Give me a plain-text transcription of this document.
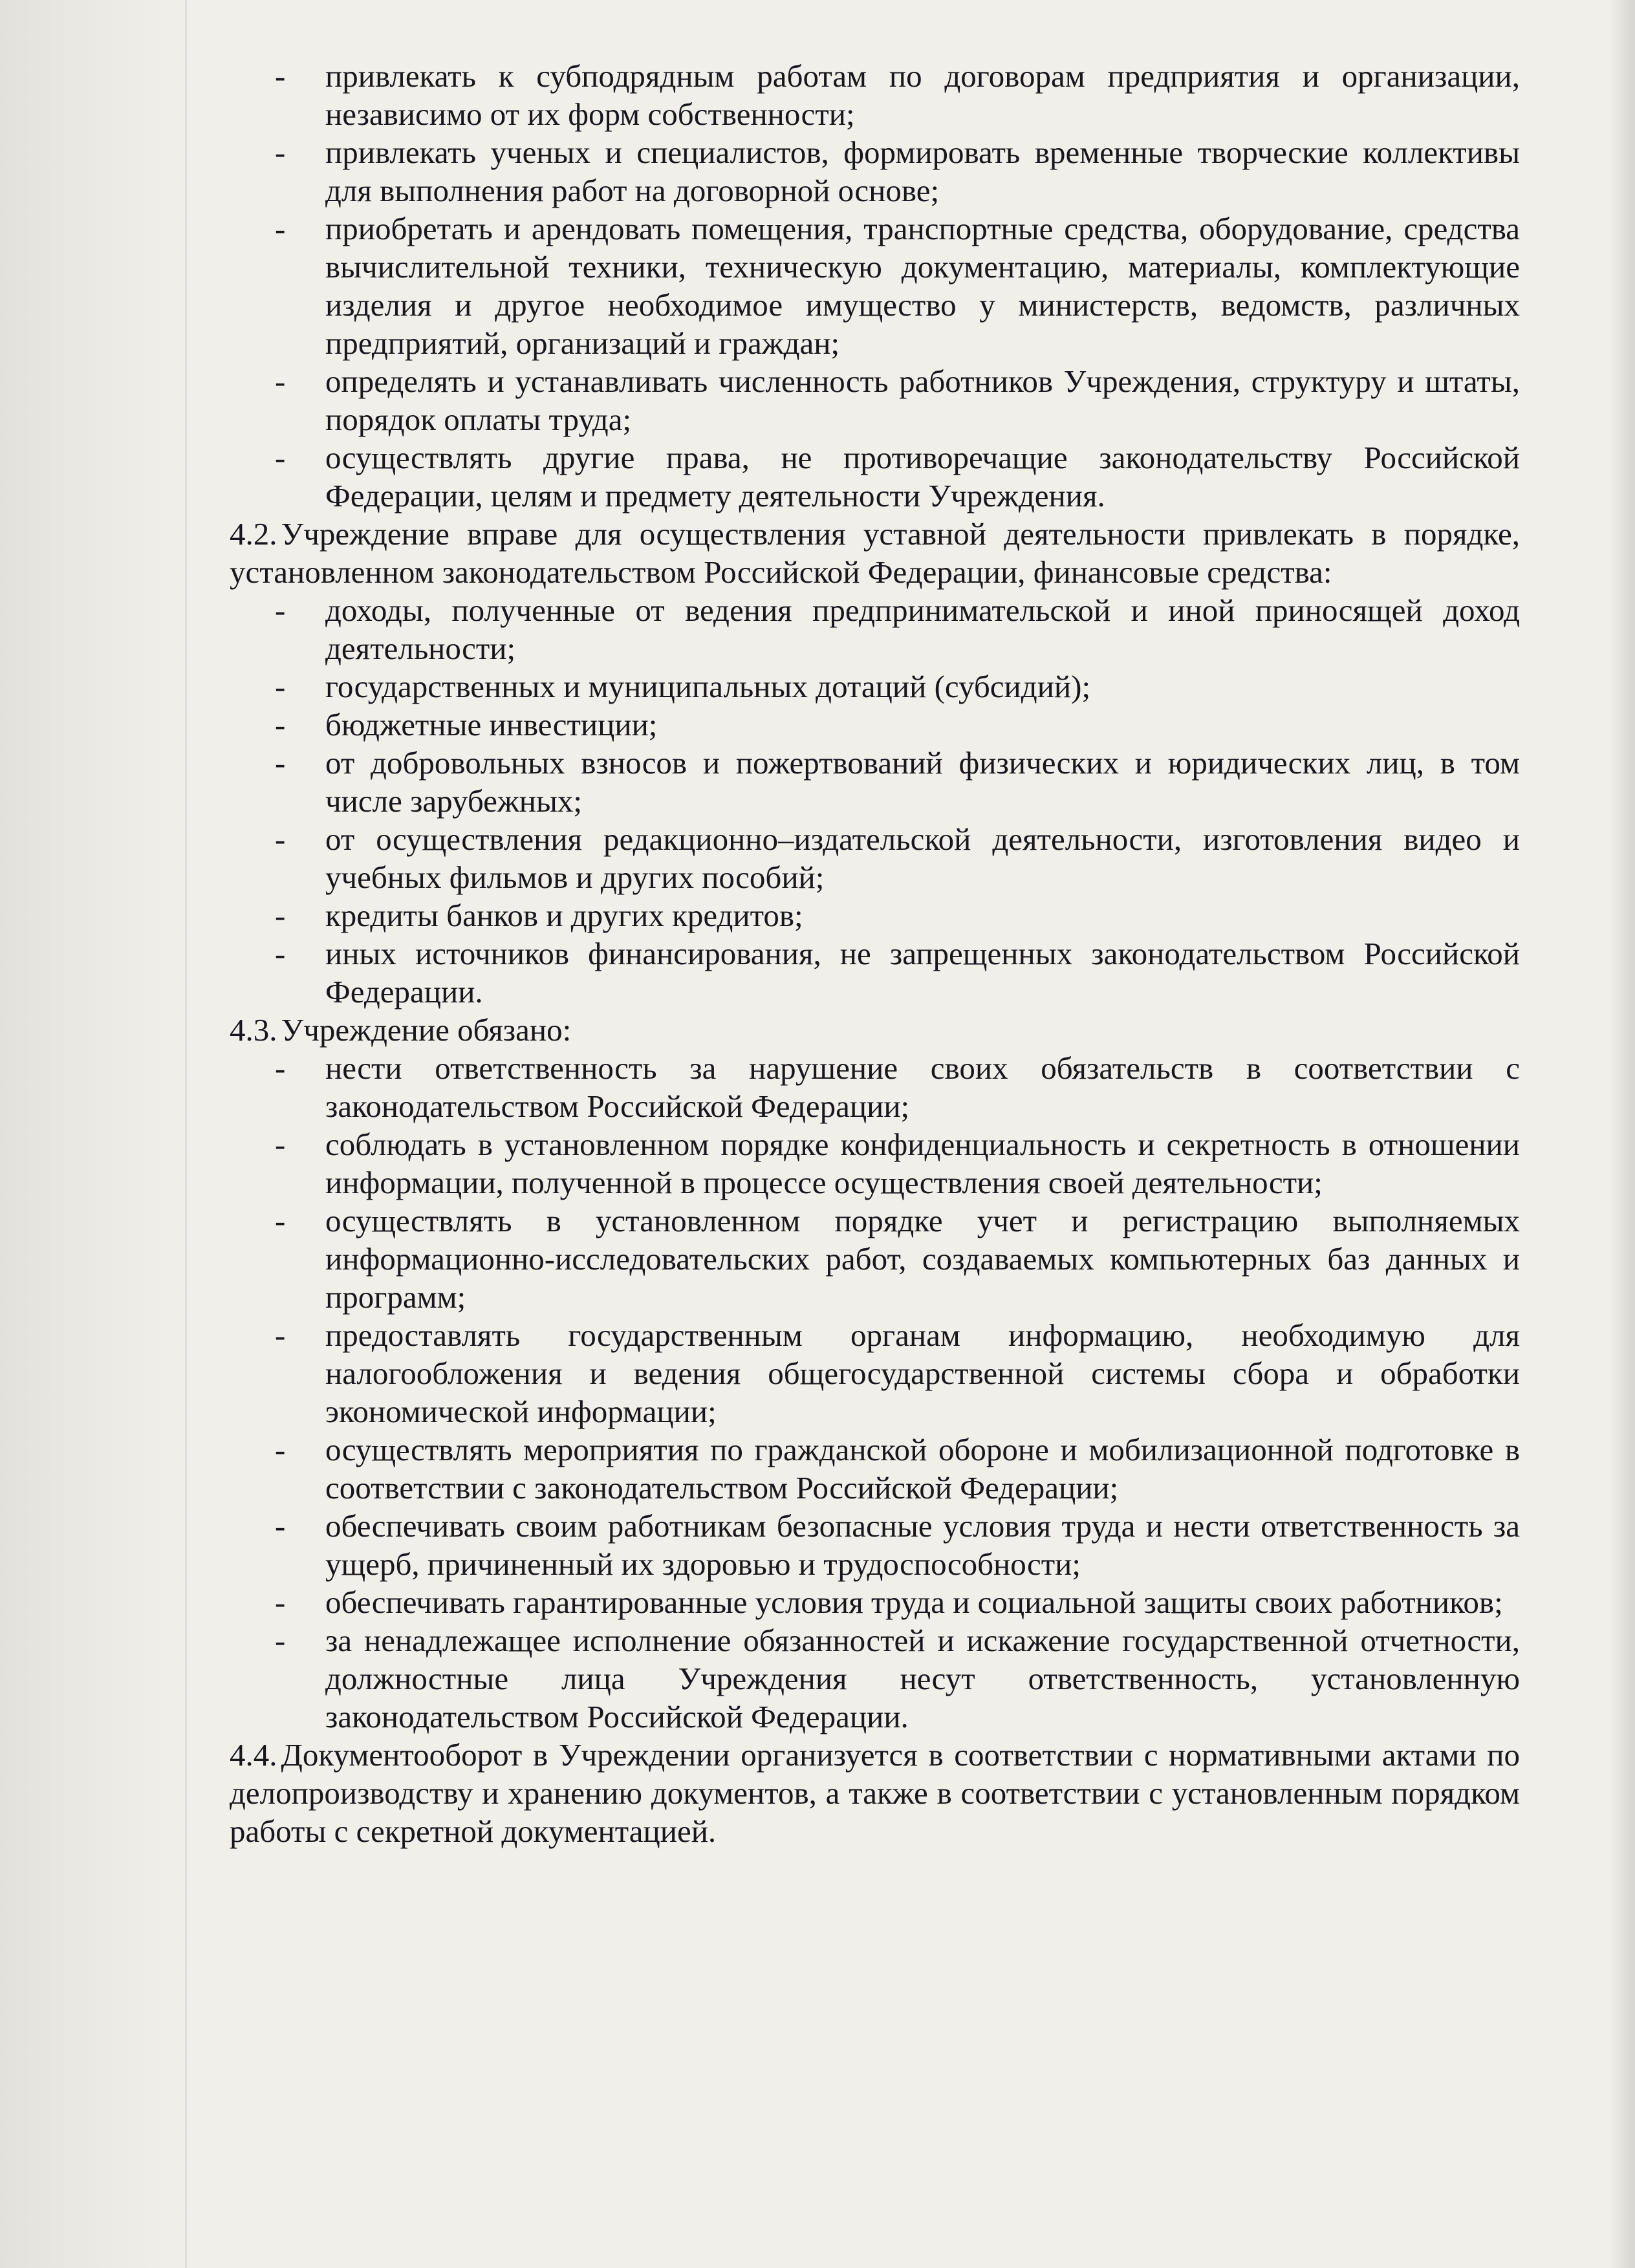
- привлекать к субподрядным работам по договорам предприятия и организации, независимо от их форм собственности;
- привлекать ученых и специалистов, формировать временные творческие коллективы для выполнения работ на договорной основе;
- приобретать и арендовать помещения, транспортные средства, оборудование, средства вычислительной техники, техническую документацию, материалы, комплектующие изделия и другое необходимое имущество у министерств, ведомств, различных предприятий, организаций и граждан;
- определять и устанавливать численность работников Учреждения, структуру и штаты, порядок оплаты труда;
- осуществлять другие права, не противоречащие законодательству Российской Федерации, целям и предмету деятельности Учреждения.

4.2. Учреждение вправе для осуществления уставной деятельности привлекать в порядке, установленном законодательством Российской Федерации, финансовые средства:

- доходы, полученные от ведения предпринимательской и иной приносящей доход деятельности;
- государственных и муниципальных дотаций (субсидий);
- бюджетные инвестиции;
- от добровольных взносов и пожертвований физических и юридических лиц, в том числе зарубежных;
- от осуществления редакционно–издательской деятельности, изготовления видео и учебных фильмов и других пособий;
- кредиты банков и других кредитов;
- иных источников финансирования, не запрещенных законодательством Российской Федерации.

4.3. Учреждение обязано:

- нести ответственность за нарушение своих обязательств в соответствии с законодательством Российской Федерации;
- соблюдать в установленном порядке конфиденциальность и секретность в отношении информации, полученной в процессе осуществления своей деятельности;
- осуществлять в установленном порядке учет и регистрацию выполняемых информационно-исследовательских работ, создаваемых компьютерных баз данных и программ;
- предоставлять государственным органам информацию, необходимую для налогообложения и ведения общегосударственной системы сбора и обработки экономической информации;
- осуществлять мероприятия по гражданской обороне и мобилизационной подготовке в соответствии с законодательством Российской Федерации;
- обеспечивать своим работникам безопасные условия труда и нести ответственность за ущерб, причиненный их здоровью и трудоспособности;
- обеспечивать гарантированные условия труда и социальной защиты своих работников;
- за ненадлежащее исполнение обязанностей и искажение государственной отчетности, должностные лица Учреждения несут ответственность, установленную законодательством Российской Федерации.

4.4. Документооборот в Учреждении организуется в соответствии с нормативными актами по делопроизводству и хранению документов, а также в соответствии с установленным порядком работы с секретной документацией.
